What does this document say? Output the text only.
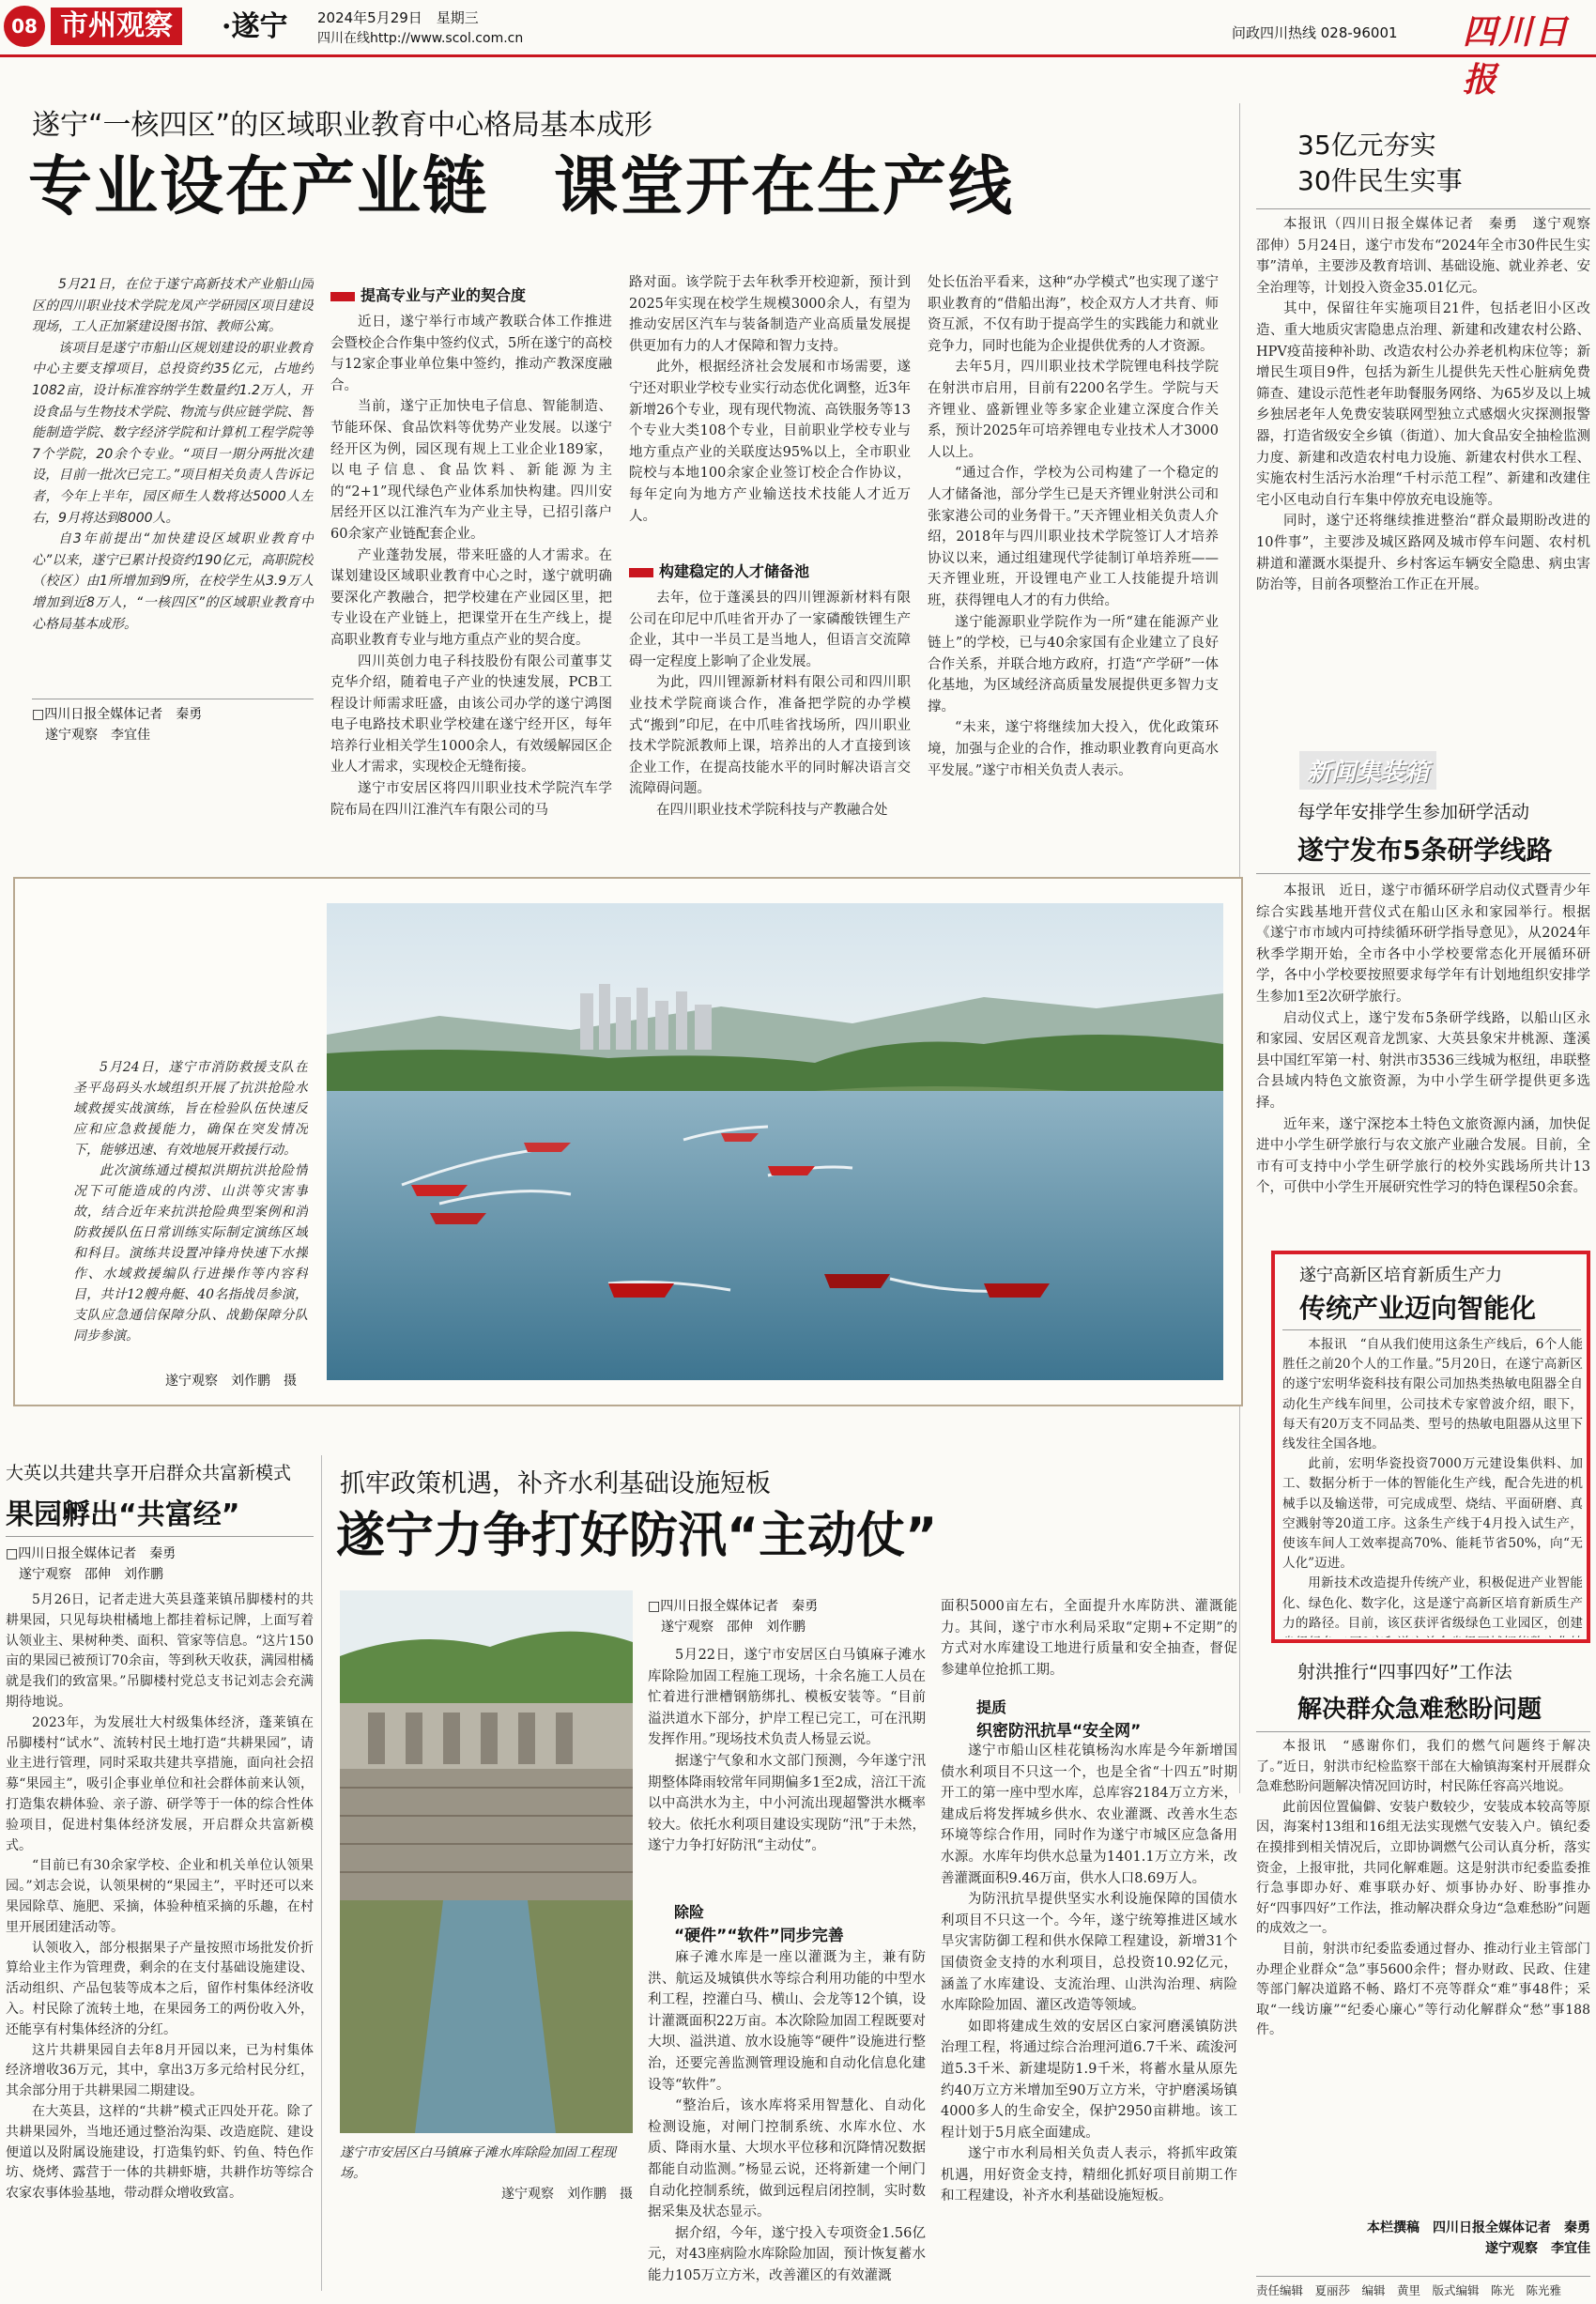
08 市州观察	·遂宁 2024年5月29日　星期三
四川在线http://www.scol.com.cn	问政四川热线 028-96001 四川日报
遂宁“一核四区”的区域职业教育中心格局基本成形
专业设在产业链　课堂开在生产线

5月21日，在位于遂宁高新技术产业船山园区的四川职业技术学院龙凤产学研园区项目建设现场，工人正加紧建设图书馆、教师公寓。

该项目是遂宁市船山区规划建设的职业教育中心主要支撑项目，总投资约35亿元，占地约1082亩，设计标准容纳学生数量约1.2万人，开设食品与生物技术学院、物流与供应链学院、智能制造学院、数字经济学院和计算机工程学院等7个学院，20余个专业。“项目一期分两批次建设，目前一批次已完工。”项目相关负责人告诉记者，今年上半年，园区师生人数将达5000人左右，9月将达到8000人。

自3年前提出“加快建设区域职业教育中心”以来，遂宁已累计投资约190亿元，高职院校（校区）由1所增加到9所，在校学生从3.9万人增加到近8万人，“一核四区”的区域职业教育中心格局基本成形。

□四川日报全媒体记者　秦勇
遂宁观察　李宜佳
提高专业与产业的契合度

近日，遂宁举行市域产教联合体工作推进会暨校企合作集中签约仪式，5所在遂宁的高校与12家企事业单位集中签约，推动产教深度融合。

当前，遂宁正加快电子信息、智能制造、节能环保、食品饮料等优势产业发展。以遂宁经开区为例，园区现有规上工业企业189家，以电子信息、食品饮料、新能源为主的“2+1”现代绿色产业体系加快构建。四川安居经开区以江淮汽车为产业主导，已招引落户60余家产业链配套企业。

产业蓬勃发展，带来旺盛的人才需求。在谋划建设区域职业教育中心之时，遂宁就明确要深化产教融合，把学校建在产业园区里，把专业设在产业链上，把课堂开在生产线上，提高职业教育专业与地方重点产业的契合度。

四川英创力电子科技股份有限公司董事艾克华介绍，随着电子产业的快速发展，PCB工程设计师需求旺盛，由该公司办学的遂宁鸿图电子电路技术职业学校建在遂宁经开区，每年培养行业相关学生1000余人，有效缓解园区企业人才需求，实现校企无缝衔接。

遂宁市安居区将四川职业技术学院汽车学院布局在四川江淮汽车有限公司的马

路对面。该学院于去年秋季开校迎新，预计到2025年实现在校学生规模3000余人，有望为推动安居区汽车与装备制造产业高质量发展提供更加有力的人才保障和智力支持。

此外，根据经济社会发展和市场需要，遂宁还对职业学校专业实行动态优化调整，近3年新增26个专业，现有现代物流、高铁服务等13个专业大类108个专业，目前职业学校专业与地方重点产业的关联度达95%以上，全市职业院校与本地100余家企业签订校企合作协议，每年定向为地方产业输送技术技能人才近万人。

构建稳定的人才储备池

去年，位于蓬溪县的四川锂源新材料有限公司在印尼中爪哇省开办了一家磷酸铁锂生产企业，其中一半员工是当地人，但语言交流障碍一定程度上影响了企业发展。

为此，四川锂源新材料有限公司和四川职业技术学院商谈合作，准备把学院的办学模式“搬到”印尼，在中爪哇省找场所，四川职业技术学院派教师上课，培养出的人才直接到该企业工作，在提高技能水平的同时解决语言交流障碍问题。

在四川职业技术学院科技与产教融合处

处长伍治平看来，这种“办学模式”也实现了遂宁职业教育的“借船出海”，校企双方人才共育、师资互派，不仅有助于提高学生的实践能力和就业竞争力，同时也能为企业提供优秀的人才资源。

去年5月，四川职业技术学院锂电科技学院在射洪市启用，目前有2200名学生。学院与天齐锂业、盛新锂业等多家企业建立深度合作关系，预计2025年可培养锂电专业技术人才3000人以上。

“通过合作，学校为公司构建了一个稳定的人才储备池，部分学生已是天齐锂业射洪公司和张家港公司的业务骨干。”天齐锂业相关负责人介绍，2018年与四川职业技术学院签订人才培养协议以来，通过组建现代学徒制订单培养班——天齐锂业班，开设锂电产业工人技能提升培训班，获得锂电人才的有力供给。

遂宁能源职业学院作为一所“建在能源产业链上”的学校，已与40余家国有企业建立了良好合作关系，并联合地方政府，打造“产学研”一体化基地，为区域经济高质量发展提供更多智力支撑。

“未来，遂宁将继续加大投入，优化政策环境，加强与企业的合作，推动职业教育向更高水平发展。”遂宁市相关负责人表示。

35亿元夯实
30件民生实事

本报讯（四川日报全媒体记者　秦勇　遂宁观察　邵伸）5月24日，遂宁市发布“2024年全市30件民生实事”清单，主要涉及教育培训、基础设施、就业养老、安全治理等，计划投入资金35.01亿元。

其中，保留往年实施项目21件，包括老旧小区改造、重大地质灾害隐患点治理、新建和改建农村公路、HPV疫苗接种补助、改造农村公办养老机构床位等；新增民生项目9件，包括为新生儿提供先天性心脏病免费筛查、建设示范性老年助餐服务网络、为65岁及以上城乡独居老年人免费安装联网型独立式感烟火灾探测报警器，打造省级安全乡镇（街道）、加大食品安全抽检监测力度、新建和改造农村电力设施、新建农村供水工程、实施农村生活污水治理“千村示范工程”、新建和改建住宅小区电动自行车集中停放充电设施等。

同时，遂宁还将继续推进整治“群众最期盼改进的10件事”，主要涉及城区路网及城市停车问题、农村机耕道和灌溉水渠提升、乡村客运车辆安全隐患、病虫害防治等，目前各项整治工作正在开展。

新闻集装箱
每学年安排学生参加研学活动
遂宁发布5条研学线路

本报讯　近日，遂宁市循环研学启动仪式暨青少年综合实践基地开营仪式在船山区永和家园举行。根据《遂宁市市域内可持续循环研学指导意见》，从2024年秋季学期开始，全市各中小学校要常态化开展循环研学，各中小学校要按照要求每学年有计划地组织安排学生参加1至2次研学旅行。

启动仪式上，遂宁发布5条研学线路，以船山区永和家园、安居区观音龙凯家、大英县象宋井桃源、蓬溪县中国红军第一村、射洪市3536三线城为枢纽，串联整合县域内特色文旅资源，为中小学生研学提供更多选择。

近年来，遂宁深挖本土特色文旅资源内涵，加快促进中小学生研学旅行与农文旅产业融合发展。目前，全市有可支持中小学生研学旅行的校外实践场所共计13个，可供中小学生开展研究性学习的特色课程50余套。

遂宁高新区培育新质生产力
传统产业迈向智能化

本报讯　“自从我们使用这条生产线后，6个人能胜任之前20个人的工作量。”5月20日，在遂宁高新区的遂宁宏明华瓷科技有限公司加热类热敏电阻器全自动化生产线车间里，公司技术专家曾波介绍，眼下，每天有20万支不同品类、型号的热敏电阻器从这里下线发往全国各地。

此前，宏明华瓷投资7000万元建设集供料、加工、数据分析于一体的智能化生产线，配合先进的机械手以及输送带，可完成成型、烧结、平面研磨、真空溅射等20道工序。这条生产线于4月投入试生产，使该车间人工效率提高70%、能耗节省50%，向“无人化”迈进。

用新技术改造提升传统产业，积极促进产业智能化、绿色化、数字化，这是遂宁高新区培育新质生产力的路径。目前，该区获评省级绿色工业园区，创建

5月24日，遂宁市消防救援支队在圣平岛码头水域组织开展了抗洪抢险水域救援实战演练，旨在检验队伍快速反应和应急救援能力，确保在突发情况下，能够迅速、有效地展开救援行动。

此次演练通过模拟洪期抗洪抢险情况下可能造成的内涝、山洪等灾害事故，结合近年来抗洪抢险典型案例和消防救援队伍日常训练实际制定演练区域和科目。演练共设置冲锋舟快速下水操作、水域救援编队行进操作等内容科目，共计12艘舟艇、40名指战员参演，支队应急通信保障分队、战勤保障分队同步参演。

遂宁观察　刘作鹏　摄
大英以共建共享开启群众共富新模式
果园孵出“共富经”
□四川日报全媒体记者　秦勇
遂宁观察　邵伸　刘作鹏

5月26日，记者走进大英县蓬莱镇吊脚楼村的共耕果园，只见每块柑橘地上都挂着标记牌，上面写着认领业主、果树种类、面积、管家等信息。“这片150亩的果园已被预订70余亩，等到秋天收获，满园柑橘就是我们的致富果。”吊脚楼村党总支书记刘志会充满期待地说。

2023年，为发展壮大村级集体经济，蓬莱镇在吊脚楼村“试水”、流转村民土地打造“共耕果园”，请业主进行管理，同时采取共建共享措施，面向社会招募“果园主”，吸引企事业单位和社会群体前来认领，打造集农耕体验、亲子游、研学等于一体的综合性体验项目，促进村集体经济发展，开启群众共富新模式。

“目前已有30余家学校、企业和机关单位认领果园。”刘志会说，认领果树的“果园主”，平时还可以来果园除草、施肥、采摘，体验种植采摘的乐趣，在村里开展团建活动等。

认领收入，部分根据果子产量按照市场批发价折算给业主作为管理费，剩余的在支付基础设施建设、活动组织、产品包装等成本之后，留作村集体经济收入。村民除了流转土地，在果园务工的两份收入外，还能享有村集体经济的分红。

这片共耕果园自去年8月开园以来，已为村集体经济增收36万元，其中，拿出3万多元给村民分红，其余部分用于共耕果园二期建设。

在大英县，这样的“共耕”模式正四处开花。除了共耕果园外，当地还通过整治沟渠、改造庭院、建设便道以及附属设施建设，打造集钓虾、钓鱼、特色作坊、烧烤、露营于一体的共耕虾塘，共耕作坊等综合农家农事体验基地，带动群众增收致富。

抓牢政策机遇，补齐水利基础设施短板
遂宁力争打好防汛“主动仗”
遂宁市安居区白马镇麻子滩水库除险加固工程现场。
遂宁观察　刘作鹏　摄
□四川日报全媒体记者　秦勇
遂宁观察　邵伸　刘作鹏

5月22日，遂宁市安居区白马镇麻子滩水库除险加固工程施工现场，十余名施工人员在忙着进行泄槽钢筋绑扎、模板安装等。“目前溢洪道水下部分，护岸工程已完工，可在汛期发挥作用。”现场技术负责人杨显云说。

据遂宁气象和水文部门预测，今年遂宁汛期整体降雨较常年同期偏多1至2成，涪江干流以中高洪水为主，中小河流出现超警洪水概率较大。依托水利项目建设实现防“汛”于未然，遂宁力争打好防汛“主动仗”。

除险
“硬件”“软件”同步完善

麻子滩水库是一座以灌溉为主，兼有防洪、航运及城镇供水等综合利用功能的中型水利工程，控灌白马、横山、会龙等12个镇，设计灌溉面积22万亩。本次除险加固工程既要对大坝、溢洪道、放水设施等“硬件”设施进行整治，还要完善监测管理设施和自动化信息化建设等“软件”。

“整治后，该水库将采用智慧化、自动化检测设施，对闸门控制系统、水库水位、水质、降雨水量、大坝水平位移和沉降情况数据都能自动监测。”杨显云说，还将新建一个闸门自动化控制系统，做到远程启闭控制，实时数据采集及状态显示。

据介绍，今年，遂宁投入专项资金1.56亿元，对43座病险水库除险加固，预计恢复蓄水能力105万立方米，改善灌区的有效灌溉

面积5000亩左右，全面提升水库防洪、灌溉能力。其间，遂宁市水利局采取“定期+不定期”的方式对水库建设工地进行质量和安全抽查，督促参建单位抢抓工期。

提质
织密防汛抗旱“安全网”

遂宁市船山区桂花镇杨沟水库是今年新增国债水利项目不只这一个，也是全省“十四五”时期开工的第一座中型水库，总库容2184万立方米，建成后将发挥城乡供水、农业灌溉、改善水生态环境等综合作用，同时作为遂宁市城区应急备用水源。水库年均供水总量为1401.1万立方米，改善灌溉面积9.46万亩，供水人口8.69万人。

为防汛抗旱提供坚实水利设施保障的国债水利项目不只这一个。今年，遂宁统筹推进区域水旱灾害防御工程和供水保障工程建设，新增31个国债资金支持的水利项目，总投资10.92亿元，涵盖了水库建设、支流治理、山洪沟治理、病险水库除险加固、灌区改造等领域。

如即将建成生效的安居区白家河磨溪镇防洪治理工程，将通过综合治理河道6.7千米、疏浚河道5.3千米、新建堤防1.9千米，将蓄水量从原先约40万立方米增加至90万立方米，守护磨溪场镇4000多人的生命安全，保护2950亩耕地。该工程计划于5月底全面建成。

遂宁市水利局相关负责人表示，将抓牢政策机遇，用好资金支持，精细化抓好项目前期工作和工程建设，补齐水利基础设施短板。

射洪推行“四事四好”工作法
解决群众急难愁盼问题

本报讯　“感谢你们，我们的燃气问题终于解决了。”近日，射洪市纪检监察干部在大榆镇海案村开展群众急难愁盼问题解决情况回访时，村民陈任容高兴地说。

此前因位置偏僻、安装户数较少，安装成本较高等原因，海案村13组和16组无法实现燃气安装入户。镇纪委在摸排到相关情况后，立即协调燃气公司认真分析，落实资金，上报审批，共同化解难题。这是射洪市纪委监委推行急事即办好、难事联办好、烦事协办好、盼事推办好“四事四好”工作法，推动解决群众身边“急难愁盼”问题的成效之一。

目前，射洪市纪委监委通过督办、推动行业主管部门办理企业群众“急”事5600余件；督办财政、民政、住建等部门解决道路不畅、路灯不亮等群众“难”事48件；采取“一线访廉”“纪委心廉心”等行动化解群众“愁”事188件。

本栏撰稿　四川日报全媒体记者　秦勇
遂宁观察　李宜佳
责任编辑　夏丽莎　编辑　黄里　版式编辑　陈光　陈光雅
